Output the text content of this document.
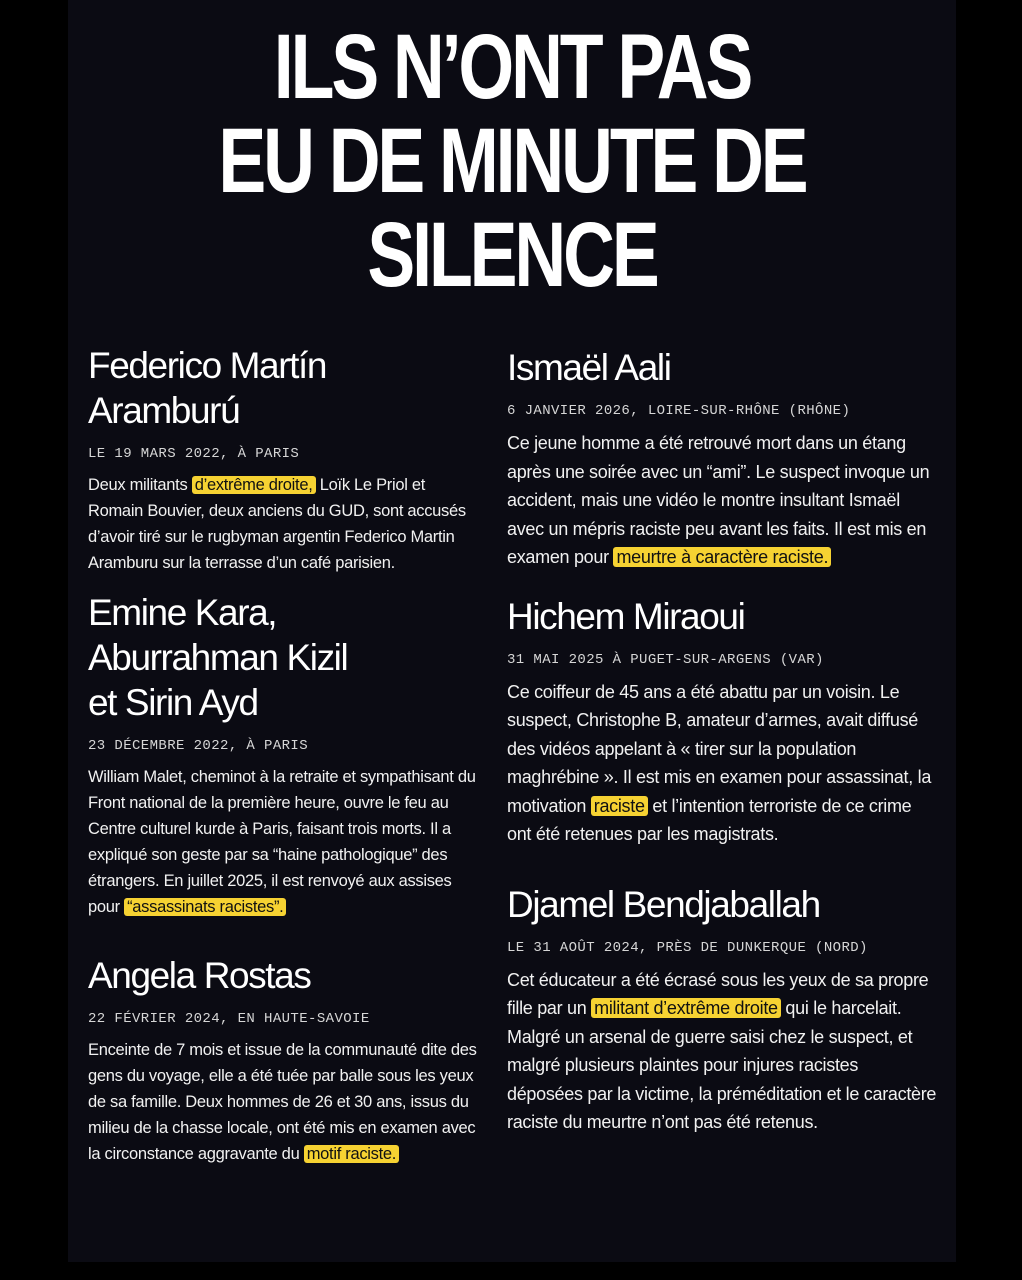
ILS N’ONT PAS
EU DE MINUTE DE
SILENCE
Federico Martín
Aramburú
LE 19 MARS 2022, À PARIS
Deux militants d’extrême droite, Loïk Le Priol et Romain Bouvier, deux anciens du GUD, sont accusés d’avoir tiré sur le rugbyman argentin Federico Martin Aramburu sur la terrasse d’un café parisien.
Emine Kara,
Aburrahman Kizil
et Sirin Ayd
23 DÉCEMBRE 2022, À PARIS
William Malet, cheminot à la retraite et sympathisant du Front national de la première heure, ouvre le feu au Centre culturel kurde à Paris, faisant trois morts. Il a expliqué son geste par sa “haine pathologique” des étrangers. En juillet 2025, il est renvoyé aux assises pour “assassinats racistes”.
Angela Rostas
22 FÉVRIER 2024, EN HAUTE-SAVOIE
Enceinte de 7 mois et issue de la communauté dite des gens du voyage, elle a été tuée par balle sous les yeux de sa famille. Deux hommes de 26 et 30 ans, issus du milieu de la chasse locale, ont été mis en examen avec la circonstance aggravante du motif raciste.
Ismaël Aali
6 JANVIER 2026, LOIRE-SUR-RHÔNE (RHÔNE)
Ce jeune homme a été retrouvé mort dans un étang après une soirée avec un “ami”. Le suspect invoque un accident, mais une vidéo le montre insultant Ismaël avec un mépris raciste peu avant les faits. Il est mis en examen pour meurtre à caractère raciste.
Hichem Miraoui
31 MAI 2025 À PUGET-SUR-ARGENS (VAR)
Ce coiffeur de 45 ans a été abattu par un voisin. Le suspect, Christophe B, amateur d’armes, avait diffusé des vidéos appelant à « tirer sur la population maghrébine ». Il est mis en examen pour assassinat, la motivation raciste et l’intention terroriste de ce crime ont été retenues par les magistrats.
Djamel Bendjaballah
LE 31 AOÛT 2024, PRÈS DE DUNKERQUE (NORD)
Cet éducateur a été écrasé sous les yeux de sa propre fille par un militant d’extrême droite qui le harcelait. Malgré un arsenal de guerre saisi chez le suspect, et malgré plusieurs plaintes pour injures racistes déposées par la victime, la préméditation et le caractère raciste du meurtre n’ont pas été retenus.
